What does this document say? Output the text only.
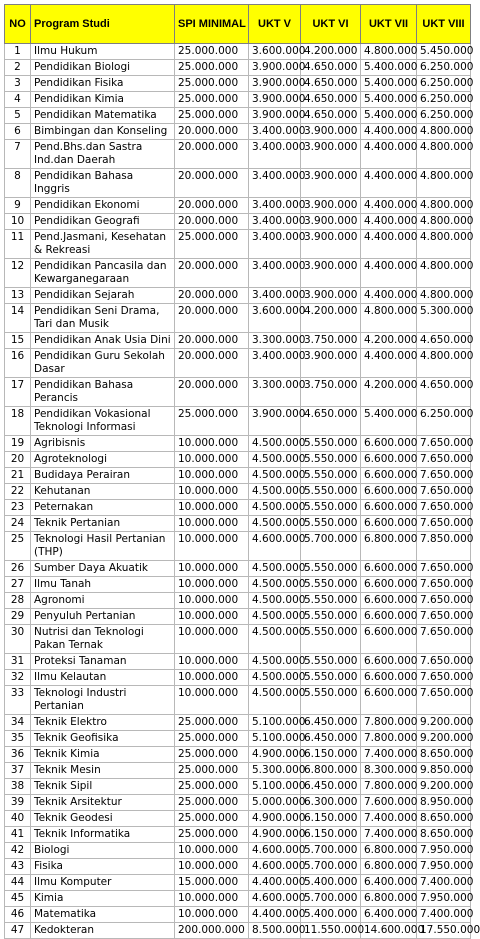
NO	Program Studi	SPI MINIMAL	UKT V	UKT VI	UKT VII	UKT VIII
1	Ilmu Hukum	25.000.000	3.600.000	4.200.000	4.800.000	5.450.000
2	Pendidikan Biologi	25.000.000	3.900.000	4.650.000	5.400.000	6.250.000
3	Pendidikan Fisika	25.000.000	3.900.000	4.650.000	5.400.000	6.250.000
4	Pendidikan Kimia	25.000.000	3.900.000	4.650.000	5.400.000	6.250.000
5	Pendidikan Matematika	25.000.000	3.900.000	4.650.000	5.400.000	6.250.000
6	Bimbingan dan Konseling	20.000.000	3.400.000	3.900.000	4.400.000	4.800.000
7	Pend.Bhs.dan Sastra Ind.dan Daerah	20.000.000	3.400.000	3.900.000	4.400.000	4.800.000
8	Pendidikan Bahasa Inggris	20.000.000	3.400.000	3.900.000	4.400.000	4.800.000
9	Pendidikan Ekonomi	20.000.000	3.400.000	3.900.000	4.400.000	4.800.000
10	Pendidikan Geografi	20.000.000	3.400.000	3.900.000	4.400.000	4.800.000
11	Pend.Jasmani, Kesehatan & Rekreasi	25.000.000	3.400.000	3.900.000	4.400.000	4.800.000
12	Pendidikan Pancasila dan Kewarganegaraan	20.000.000	3.400.000	3.900.000	4.400.000	4.800.000
13	Pendidikan Sejarah	20.000.000	3.400.000	3.900.000	4.400.000	4.800.000
14	Pendidikan Seni Drama, Tari dan Musik	20.000.000	3.600.000	4.200.000	4.800.000	5.300.000
15	Pendidikan Anak Usia Dini	20.000.000	3.300.000	3.750.000	4.200.000	4.650.000
16	Pendidikan Guru Sekolah Dasar	20.000.000	3.400.000	3.900.000	4.400.000	4.800.000
17	Pendidikan Bahasa Perancis	20.000.000	3.300.000	3.750.000	4.200.000	4.650.000
18	Pendidikan Vokasional Teknologi Informasi	25.000.000	3.900.000	4.650.000	5.400.000	6.250.000
19	Agribisnis	10.000.000	4.500.000	5.550.000	6.600.000	7.650.000
20	Agroteknologi	10.000.000	4.500.000	5.550.000	6.600.000	7.650.000
21	Budidaya Perairan	10.000.000	4.500.000	5.550.000	6.600.000	7.650.000
22	Kehutanan	10.000.000	4.500.000	5.550.000	6.600.000	7.650.000
23	Peternakan	10.000.000	4.500.000	5.550.000	6.600.000	7.650.000
24	Teknik Pertanian	10.000.000	4.500.000	5.550.000	6.600.000	7.650.000
25	Teknologi Hasil Pertanian (THP)	10.000.000	4.600.000	5.700.000	6.800.000	7.850.000
26	Sumber Daya Akuatik	10.000.000	4.500.000	5.550.000	6.600.000	7.650.000
27	Ilmu Tanah	10.000.000	4.500.000	5.550.000	6.600.000	7.650.000
28	Agronomi	10.000.000	4.500.000	5.550.000	6.600.000	7.650.000
29	Penyuluh Pertanian	10.000.000	4.500.000	5.550.000	6.600.000	7.650.000
30	Nutrisi dan Teknologi Pakan Ternak	10.000.000	4.500.000	5.550.000	6.600.000	7.650.000
31	Proteksi Tanaman	10.000.000	4.500.000	5.550.000	6.600.000	7.650.000
32	Ilmu Kelautan	10.000.000	4.500.000	5.550.000	6.600.000	7.650.000
33	Teknologi Industri Pertanian	10.000.000	4.500.000	5.550.000	6.600.000	7.650.000
34	Teknik Elektro	25.000.000	5.100.000	6.450.000	7.800.000	9.200.000
35	Teknik Geofisika	25.000.000	5.100.000	6.450.000	7.800.000	9.200.000
36	Teknik Kimia	25.000.000	4.900.000	6.150.000	7.400.000	8.650.000
37	Teknik Mesin	25.000.000	5.300.000	6.800.000	8.300.000	9.850.000
38	Teknik Sipil	25.000.000	5.100.000	6.450.000	7.800.000	9.200.000
39	Teknik Arsitektur	25.000.000	5.000.000	6.300.000	7.600.000	8.950.000
40	Teknik Geodesi	25.000.000	4.900.000	6.150.000	7.400.000	8.650.000
41	Teknik Informatika	25.000.000	4.900.000	6.150.000	7.400.000	8.650.000
42	Biologi	10.000.000	4.600.000	5.700.000	6.800.000	7.950.000
43	Fisika	10.000.000	4.600.000	5.700.000	6.800.000	7.950.000
44	Ilmu Komputer	15.000.000	4.400.000	5.400.000	6.400.000	7.400.000
45	Kimia	10.000.000	4.600.000	5.700.000	6.800.000	7.950.000
46	Matematika	10.000.000	4.400.000	5.400.000	6.400.000	7.400.000
47	Kedokteran	200.000.000	8.500.000	11.550.000	14.600.000	17.550.000
